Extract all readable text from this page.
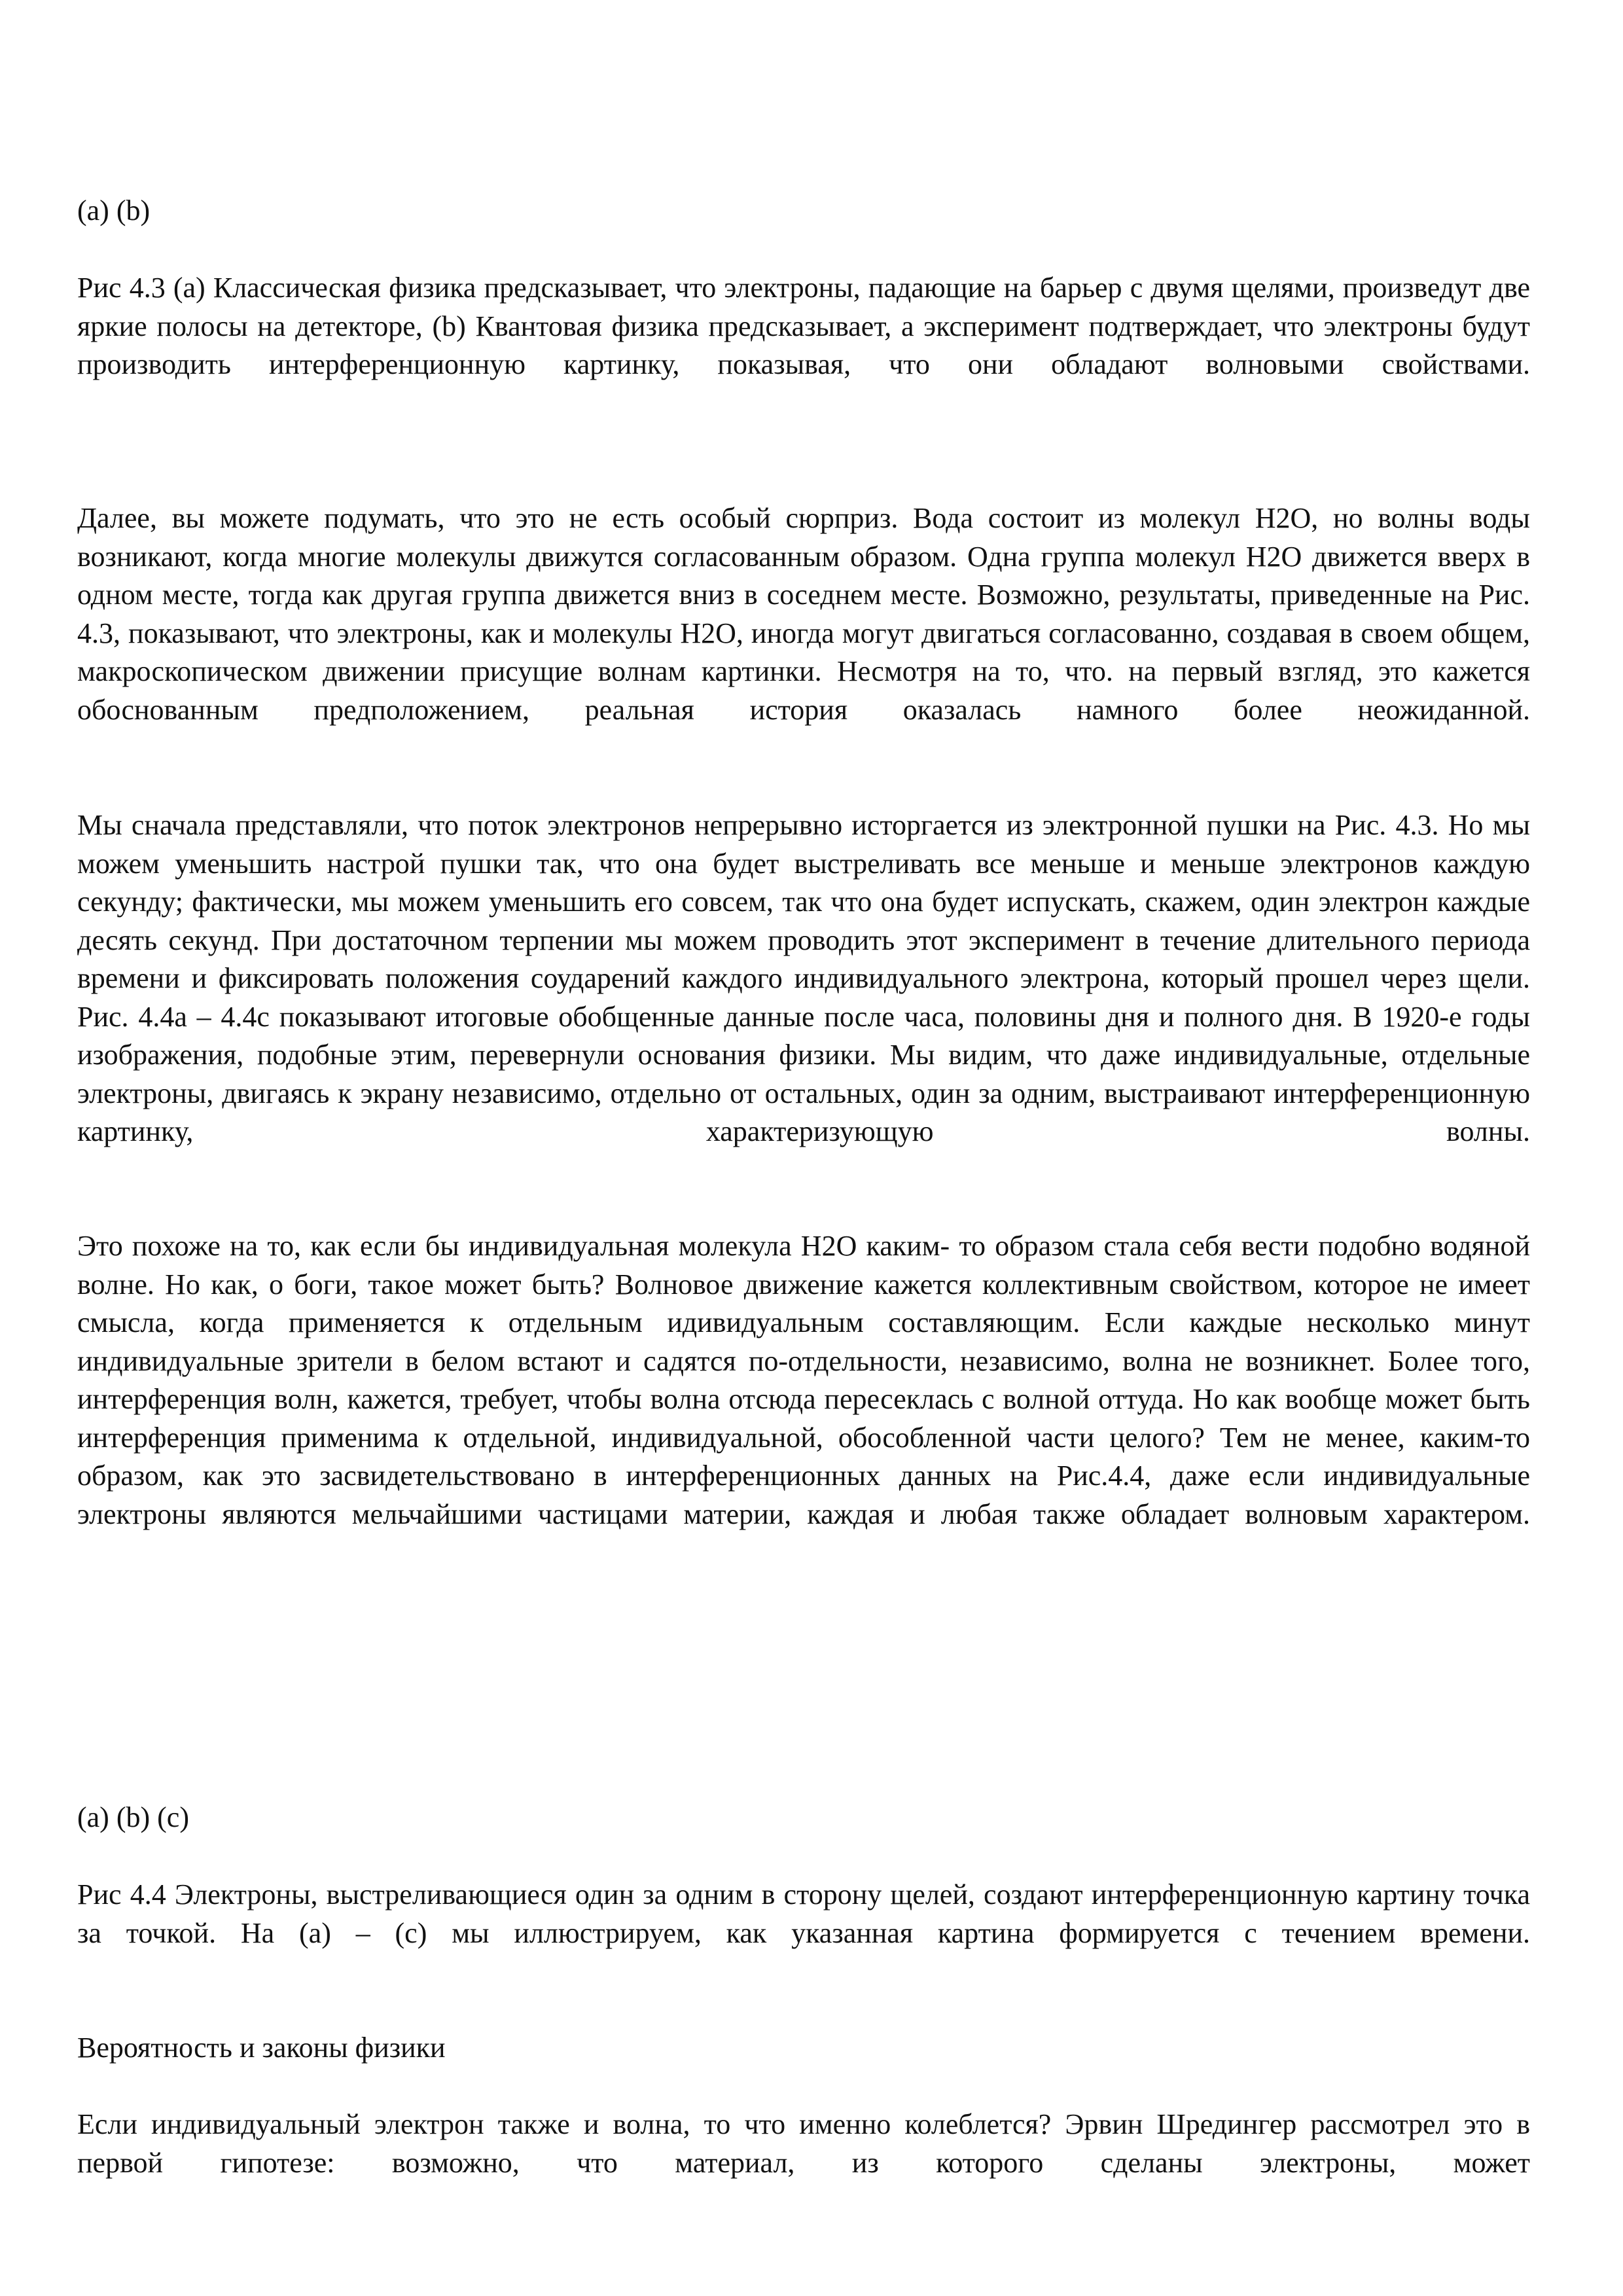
(a) (b)

Рис 4.3 (a) Классическая физика предсказывает, что электроны, падающие на барьер с двумя щелями, произведут две яркие полосы на детекторе, (b) Квантовая физика предсказывает, а эксперимент подтверждает, что электроны будут производить интерференционную картинку, показывая, что они обладают волновыми свойствами.

Далее, вы можете подумать, что это не есть особый сюрприз. Вода состоит из молекул H2O, но волны воды возникают, когда многие молекулы движутся согласованным образом. Одна группа молекул H2O движется вверх в одном месте, тогда как другая группа движется вниз в соседнем месте. Возможно, результаты, приведенные на Рис. 4.3, показывают, что электроны, как и молекулы H2O, иногда могут двигаться согласованно, создавая в своем общем, макроскопическом движении присущие волнам картинки. Несмотря на то, что. на первый взгляд, это кажется обоснованным предположением, реальная история оказалась намного более неожиданной.

Мы сначала представляли, что поток электронов непрерывно исторгается из электронной пушки на Рис. 4.3. Но мы можем уменьшить настрой пушки так, что она будет выстреливать все меньше и меньше электронов каждую секунду; фактически, мы можем уменьшить его совсем, так что она будет испускать, скажем, один электрон каждые десять секунд. При достаточном терпении мы можем проводить этот эксперимент в течение длительного периода времени и фиксировать положения соударений каждого индивидуального электрона, который прошел через щели. Рис. 4.4a – 4.4c показывают итоговые обобщенные данные после часа, половины дня и полного дня. В 1920-е годы изображения, подобные этим, перевернули основания физики. Мы видим, что даже индивидуальные, отдельные электроны, двигаясь к экрану независимо, отдельно от остальных, один за одним, выстраивают интерференционную картинку, характеризующую волны.

Это похоже на то, как если бы индивидуальная молекула H2O каким- то образом стала себя вести подобно водяной волне. Но как, о боги, такое может быть? Волновое движение кажется коллективным свойством, которое не имеет смысла, когда применяется к отдельным идивидуальным составляющим. Если каждые несколько минут индивидуальные зрители в белом встают и садятся по-отдельности, независимо, волна не возникнет. Более того, интерференция волн, кажется, требует, чтобы волна отсюда пересеклась с волной оттуда. Но как вообще может быть интерференция применима к отдельной, индивидуальной, обособленной части целого? Тем не менее, каким-то образом, как это засвидетельствовано в интерференционных данных на Рис.4.4, даже если индивидуальные электроны являются мельчайшими частицами материи, каждая и любая также обладает волновым характером.

(a) (b) (c)

Рис 4.4 Электроны, выстреливающиеся один за одним в сторону щелей, создают интерференционную картину точка за точкой. На (a) – (c) мы иллюстрируем, как указанная картина формируется с течением времени.

Вероятность и законы физики

Если индивидуальный электрон также и волна, то что именно колеблется? Эрвин Шредингер рассмотрел это в первой гипотезе: возможно, что материал, из которого сделаны электроны, может
